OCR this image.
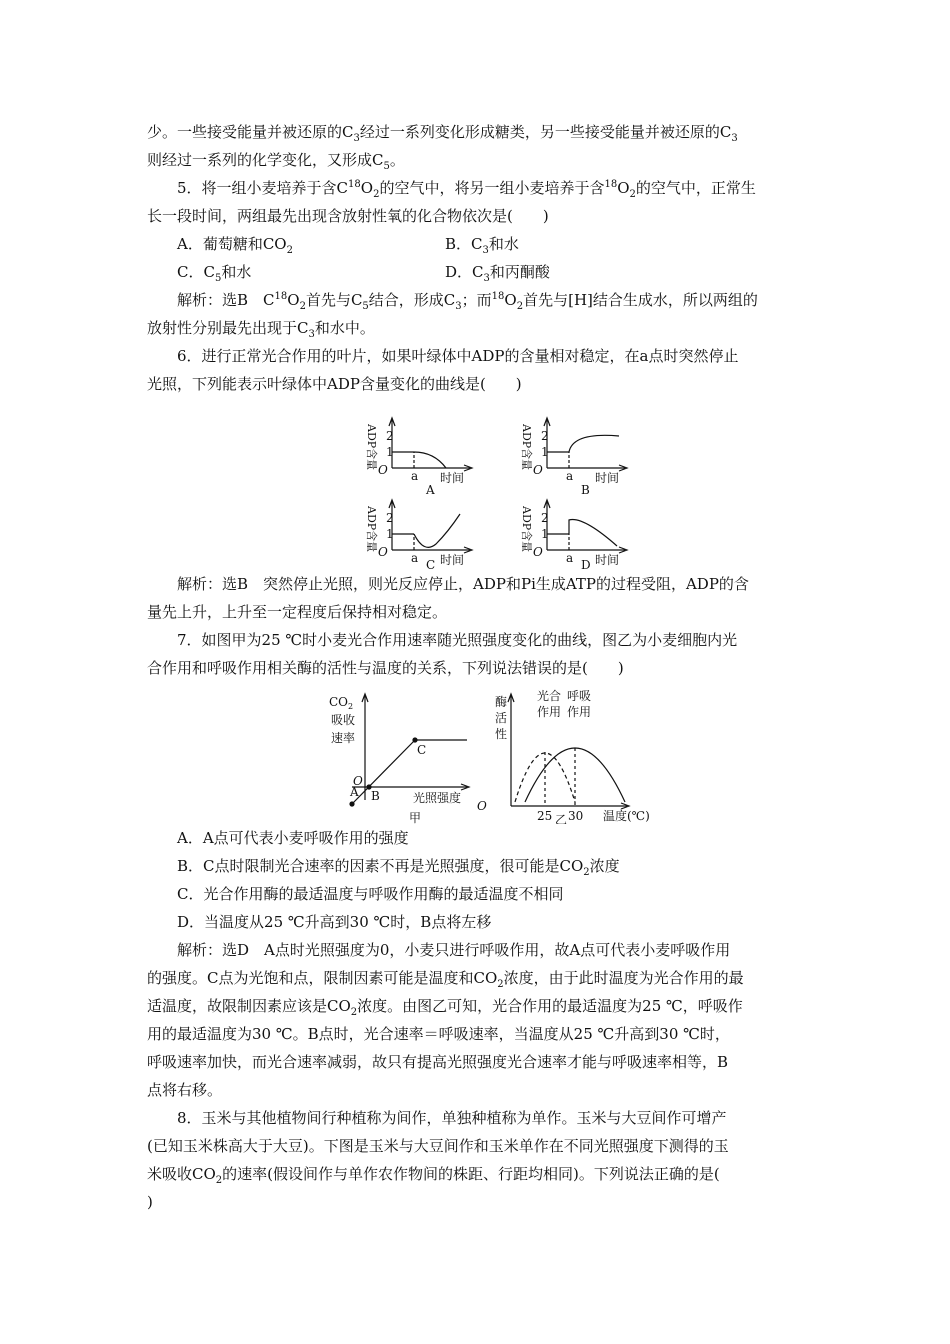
少。一些接受能量并被还原的$C_3$经过一系列变化形成糖类，另一些接受能量并被还原的$C_3$
则经过一系列的化学变化，又形成$C_5$。

5．将一组小麦培养于含$C^{18}O_2$的空气中，将另一组小麦培养于含$^{18}O_2$的空气中，正常生
长一段时间，两组最先出现含放射性氧的化合物依次是(　　)

A．葡萄糖和$CO_2$	B．$C_3$和水
C．$C_5$和水	D．$C_3$和丙酮酸

解析：选B　$C^{18}O_2$首先与$C_5$结合，形成$C_3$；而$^{18}O_2$首先与[H]结合生成水，所以两组的
放射性分别最先出现于$C_3$和水中。

6．进行正常光合作用的叶片，如果叶绿体中ADP的含量相对稳定，在a点时突然停止
光照，下列能表示叶绿体中ADP含量变化的曲线是(　　)

2
1
O a 时间
ADP含量
A
2
1
O a 时间
ADP含量
B
2
1
O a 时间
ADP含量
C
2
1
O a 时间
ADP含量
D

解析：选B　突然停止光照，则光反应停止，ADP和Pi生成ATP的过程受阻，ADP的含
量先上升，上升至一定程度后保持相对稳定。

7．如图甲为25 ℃时小麦光合作用速率随光照强度变化的曲线，图乙为小麦细胞内光
合作用和呼吸作用相关酶的活性与温度的关系，下列说法错误的是(　　)

$CO_2$
吸收
速率
O
A B
C
光照强度
甲
酶
活
性
光合
作用
呼吸
作用
O
25 30 温度(℃)
乙

A．A点可代表小麦呼吸作用的强度

B．C点时限制光合速率的因素不再是光照强度，很可能是$CO_2$浓度

C．光合作用酶的最适温度与呼吸作用酶的最适温度不相同

D．当温度从25 ℃升高到30 ℃时，B点将左移

解析：选D　A点时光照强度为0，小麦只进行呼吸作用，故A点可代表小麦呼吸作用
的强度。C点为光饱和点，限制因素可能是温度和$CO_2$浓度，由于此时温度为光合作用的最
适温度，故限制因素应该是$CO_2$浓度。由图乙可知，光合作用的最适温度为25 ℃，呼吸作
用的最适温度为30 ℃。B点时，光合速率＝呼吸速率，当温度从25 ℃升高到30 ℃时，
呼吸速率加快，而光合速率减弱，故只有提高光照强度光合速率才能与呼吸速率相等，B
点将右移。

8．玉米与其他植物间行种植称为间作，单独种植称为单作。玉米与大豆间作可增产
(已知玉米株高大于大豆)。下图是玉米与大豆间作和玉米单作在不同光照强度下测得的玉
米吸收$CO_2$的速率(假设间作与单作农作物间的株距、行距均相同)。下列说法正确的是(
)
